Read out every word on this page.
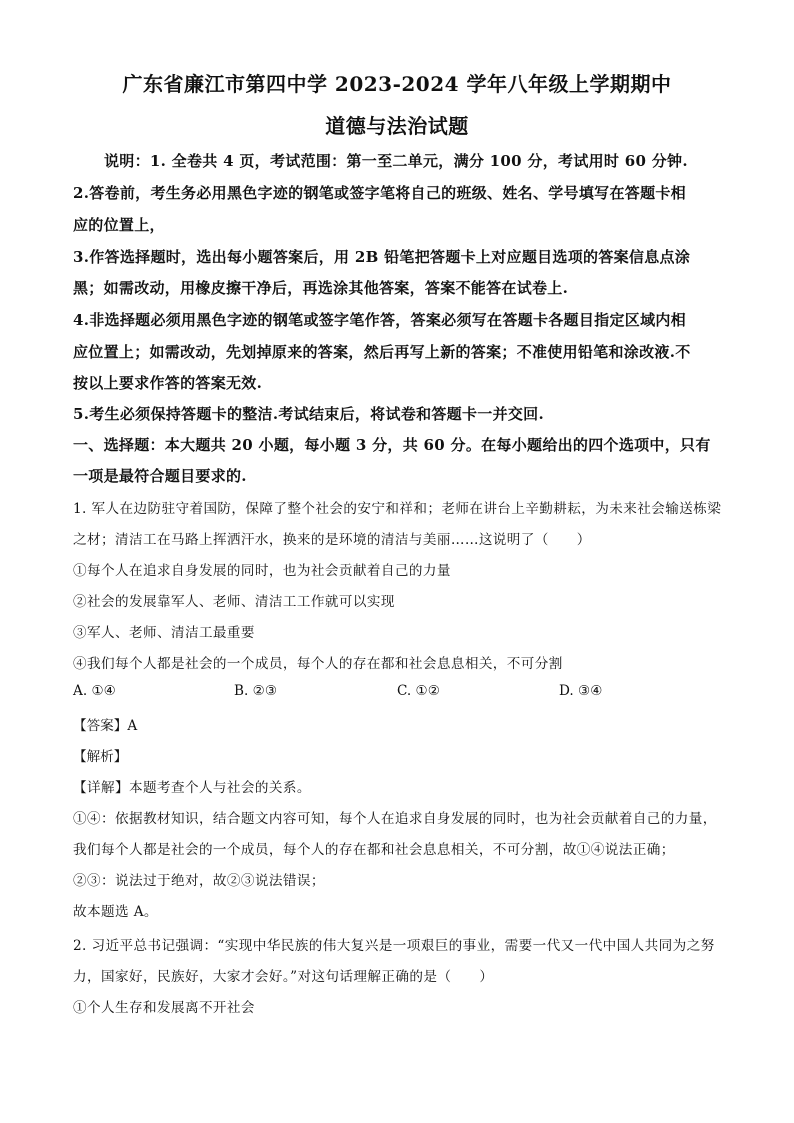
广东省廉江市第四中学 2023-2024 学年八年级上学期期中
道德与法治试题
说明：1. 全卷共 4 页，考试范围：第一至二单元，满分 100 分，考试用时 60 分钟.
2.答卷前，考生务必用黑色字迹的钢笔或签字笔将自己的班级、姓名、学号填写在答题卡相
应的位置上，
3.作答选择题时，选出每小题答案后，用 2B 铅笔把答题卡上对应题目选项的答案信息点涂
黑；如需改动，用橡皮擦干净后，再选涂其他答案，答案不能答在试卷上.
4.非选择题必须用黑色字迹的钢笔或签字笔作答，答案必须写在答题卡各题目指定区域内相
应位置上；如需改动，先划掉原来的答案，然后再写上新的答案；不准使用铅笔和涂改液.不
按以上要求作答的答案无效.
5.考生必须保持答题卡的整洁.考试结束后，将试卷和答题卡一并交回.
一、选择题：本大题共 20 小题，每小题 3 分，共 60 分。在每小题给出的四个选项中，只有
一项是最符合题目要求的.
1. 军人在边防驻守着国防，保障了整个社会的安宁和祥和；老师在讲台上辛勤耕耘，为未来社会输送栋梁
之材；清洁工在马路上挥洒汗水，换来的是环境的清洁与美丽……这说明了（　　）
①每个人在追求自身发展的同时，也为社会贡献着自己的力量
②社会的发展靠军人、老师、清洁工工作就可以实现
③军人、老师、清洁工最重要
④我们每个人都是社会的一个成员，每个人的存在都和社会息息相关，不可分割
A. ①④	B. ②③	C. ①②	D. ③④
【答案】A
【解析】
【详解】本题考查个人与社会的关系。
①④：依据教材知识，结合题文内容可知，每个人在追求自身发展的同时，也为社会贡献着自己的力量，
我们每个人都是社会的一个成员，每个人的存在都和社会息息相关，不可分割，故①④说法正确；
②③：说法过于绝对，故②③说法错误；
故本题选 A。
2. 习近平总书记强调：“实现中华民族的伟大复兴是一项艰巨的事业，需要一代又一代中国人共同为之努
力，国家好，民族好，大家才会好。”对这句话理解正确的是（　　）
①个人生存和发展离不开社会
